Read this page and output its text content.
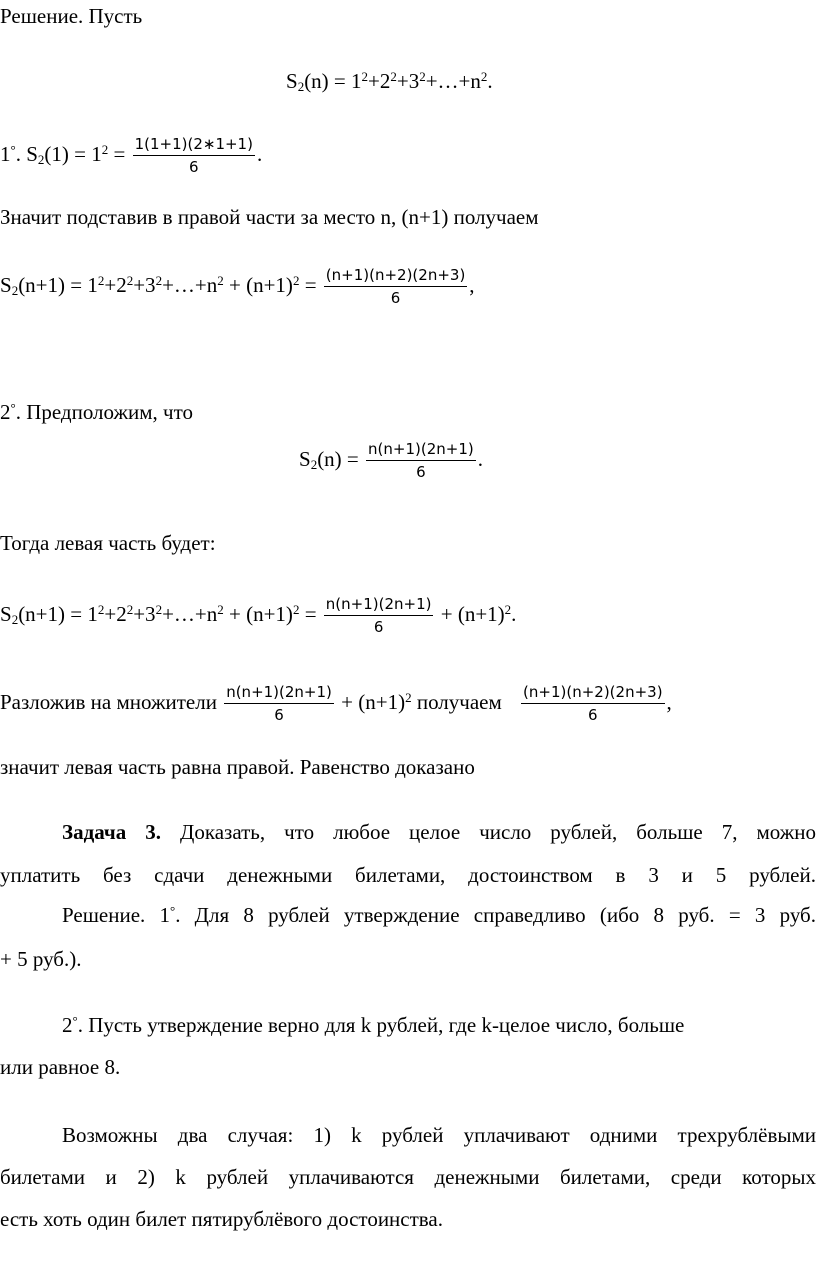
Решение. Пусть
$S_2(n)$ = $1^2+2^2+3^2+\dots+n^2$.
1°. $S_2(1) = 1^2 = \frac{1(1+1)(2∗1+1)}{6}$ .
Значит подставив в правой части за место n, (n+1) получаем
$S_2(n+1)$ = $1^2+2^2+3^2+\dots+n^2 + (n+1)^2 = \frac{(n+1)(n+2)(2n+3)}{6}$ ,
2°. Предположим, что
$S_2(n) = \frac{n(n+1)(2n+1)}{6}$ .
Тогда левая часть будет:
$S_2(n+1)$ = $1^2+2^2+3^2+\dots+n^2 + (n+1)^2 = \frac{n(n+1)(2n+1)}{6} + (n+1)^2$.
Разложив на множители $\frac{n(n+1)(2n+1)}{6} + (n+1)^2$ получаем $\frac{(n+1)(n+2)(2n+3)}{6}$ ,
значит левая часть равна правой. Равенство доказано
Задача 3. Доказать, что любое целое число рублей, больше 7, можно
уплатить без сдачи денежными билетами, достоинством в 3 и 5 рублей.
Решение. 1°. Для 8 рублей утверждение справедливо (ибо 8 руб. = 3 руб.
+ 5 руб.).
2°. Пусть утверждение верно для k рублей, где k-целое число, больше
или равное 8.
Возможны два случая: 1) k рублей уплачивают одними трехрублёвыми
билетами и 2) k рублей уплачиваются денежными билетами, среди которых
есть хоть один билет пятирублёвого достоинства.
